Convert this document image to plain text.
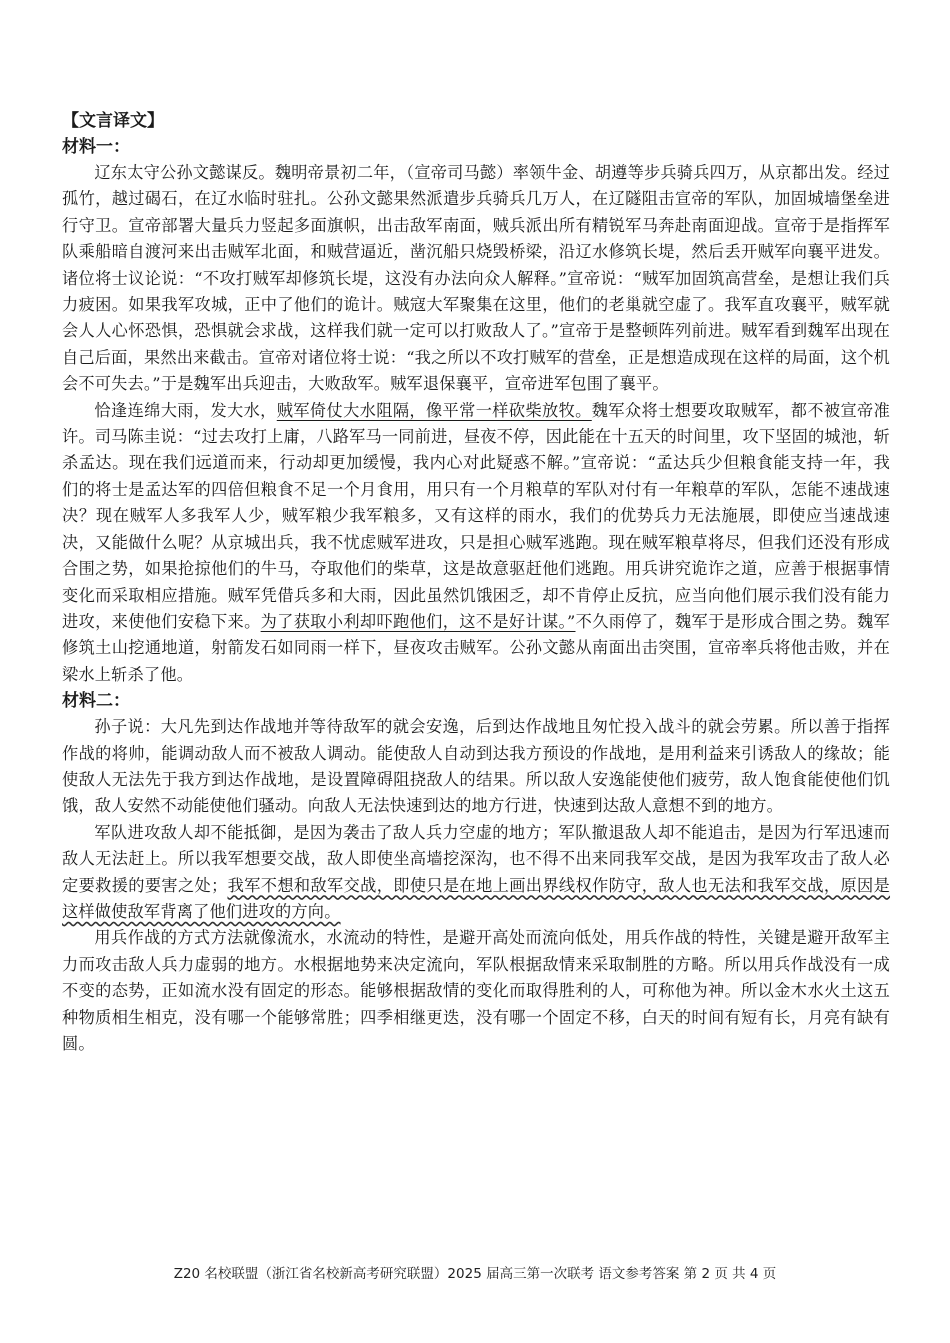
【文言译文】
材料一：

辽东太守公孙文懿谋反。魏明帝景初二年，（宣帝司马懿）率领牛金、胡遵等步兵骑兵四万，从京都出发。经过孤竹，越过碣石，在辽水临时驻扎。公孙文懿果然派遣步兵骑兵几万人，在辽隧阻击宣帝的军队，加固城墙堡垒进行守卫。宣帝部署大量兵力竖起多面旗帜，出击敌军南面，贼兵派出所有精锐军马奔赴南面迎战。宣帝于是指挥军队乘船暗自渡河来出击贼军北面，和贼营逼近，凿沉船只烧毁桥梁，沿辽水修筑长堤，然后丢开贼军向襄平进发。诸位将士议论说：“不攻打贼军却修筑长堤，这没有办法向众人解释。”宣帝说：“贼军加固筑高营垒，是想让我们兵力疲困。如果我军攻城，正中了他们的诡计。贼寇大军聚集在这里，他们的老巢就空虚了。我军直攻襄平，贼军就会人人心怀恐惧，恐惧就会求战，这样我们就一定可以打败敌人了。”宣帝于是整顿阵列前进。贼军看到魏军出现在自己后面，果然出来截击。宣帝对诸位将士说：“我之所以不攻打贼军的营垒，正是想造成现在这样的局面，这个机会不可失去。”于是魏军出兵迎击，大败敌军。贼军退保襄平，宣帝进军包围了襄平。

恰逢连绵大雨，发大水，贼军倚仗大水阻隔，像平常一样砍柴放牧。魏军众将士想要攻取贼军，都不被宣帝准许。司马陈圭说：“过去攻打上庸，八路军马一同前进，昼夜不停，因此能在十五天的时间里，攻下坚固的城池，斩杀孟达。现在我们远道而来，行动却更加缓慢，我内心对此疑惑不解。”宣帝说：“孟达兵少但粮食能支持一年，我们的将士是孟达军的四倍但粮食不足一个月食用，用只有一个月粮草的军队对付有一年粮草的军队，怎能不速战速决？现在贼军人多我军人少，贼军粮少我军粮多，又有这样的雨水，我们的优势兵力无法施展，即使应当速战速决，又能做什么呢？从京城出兵，我不忧虑贼军进攻，只是担心贼军逃跑。现在贼军粮草将尽，但我们还没有形成合围之势，如果抢掠他们的牛马，夺取他们的柴草，这是故意驱赶他们逃跑。用兵讲究诡诈之道，应善于根据事情变化而采取相应措施。贼军凭借兵多和大雨，因此虽然饥饿困乏，却不肯停止反抗，应当向他们展示我们没有能力进攻，来使他们安稳下来。为了获取小利却吓跑他们，这不是好计谋。”不久雨停了，魏军于是形成合围之势。魏军修筑土山挖通地道，射箭发石如同雨一样下，昼夜攻击贼军。公孙文懿从南面出击突围，宣帝率兵将他击败，并在梁水上斩杀了他。

材料二：

孙子说：大凡先到达作战地并等待敌军的就会安逸，后到达作战地且匆忙投入战斗的就会劳累。所以善于指挥作战的将帅，能调动敌人而不被敌人调动。能使敌人自动到达我方预设的作战地，是用利益来引诱敌人的缘故；能使敌人无法先于我方到达作战地，是设置障碍阻挠敌人的结果。所以敌人安逸能使他们疲劳，敌人饱食能使他们饥饿，敌人安然不动能使他们骚动。向敌人无法快速到达的地方行进，快速到达敌人意想不到的地方。

军队进攻敌人却不能抵御，是因为袭击了敌人兵力空虚的地方；军队撤退敌人却不能追击，是因为行军迅速而敌人无法赶上。所以我军想要交战，敌人即使坐高墙挖深沟，也不得不出来同我军交战，是因为我军攻击了敌人必定要救援的要害之处；我军不想和敌军交战，即使只是在地上画出界线权作防守，敌人也无法和我军交战，原因是这样做使敌军背离了他们进攻的方向。

用兵作战的方式方法就像流水，水流动的特性，是避开高处而流向低处，用兵作战的特性，关键是避开敌军主力而攻击敌人兵力虚弱的地方。水根据地势来决定流向，军队根据敌情来采取制胜的方略。所以用兵作战没有一成不变的态势，正如流水没有固定的形态。能够根据敌情的变化而取得胜利的人，可称他为神。所以金木水火土这五种物质相生相克，没有哪一个能够常胜；四季相继更迭，没有哪一个固定不移，白天的时间有短有长，月亮有缺有圆。

Z20 名校联盟（浙江省名校新高考研究联盟）2025 届高三第一次联考 语文参考答案 第 2 页 共 4 页
